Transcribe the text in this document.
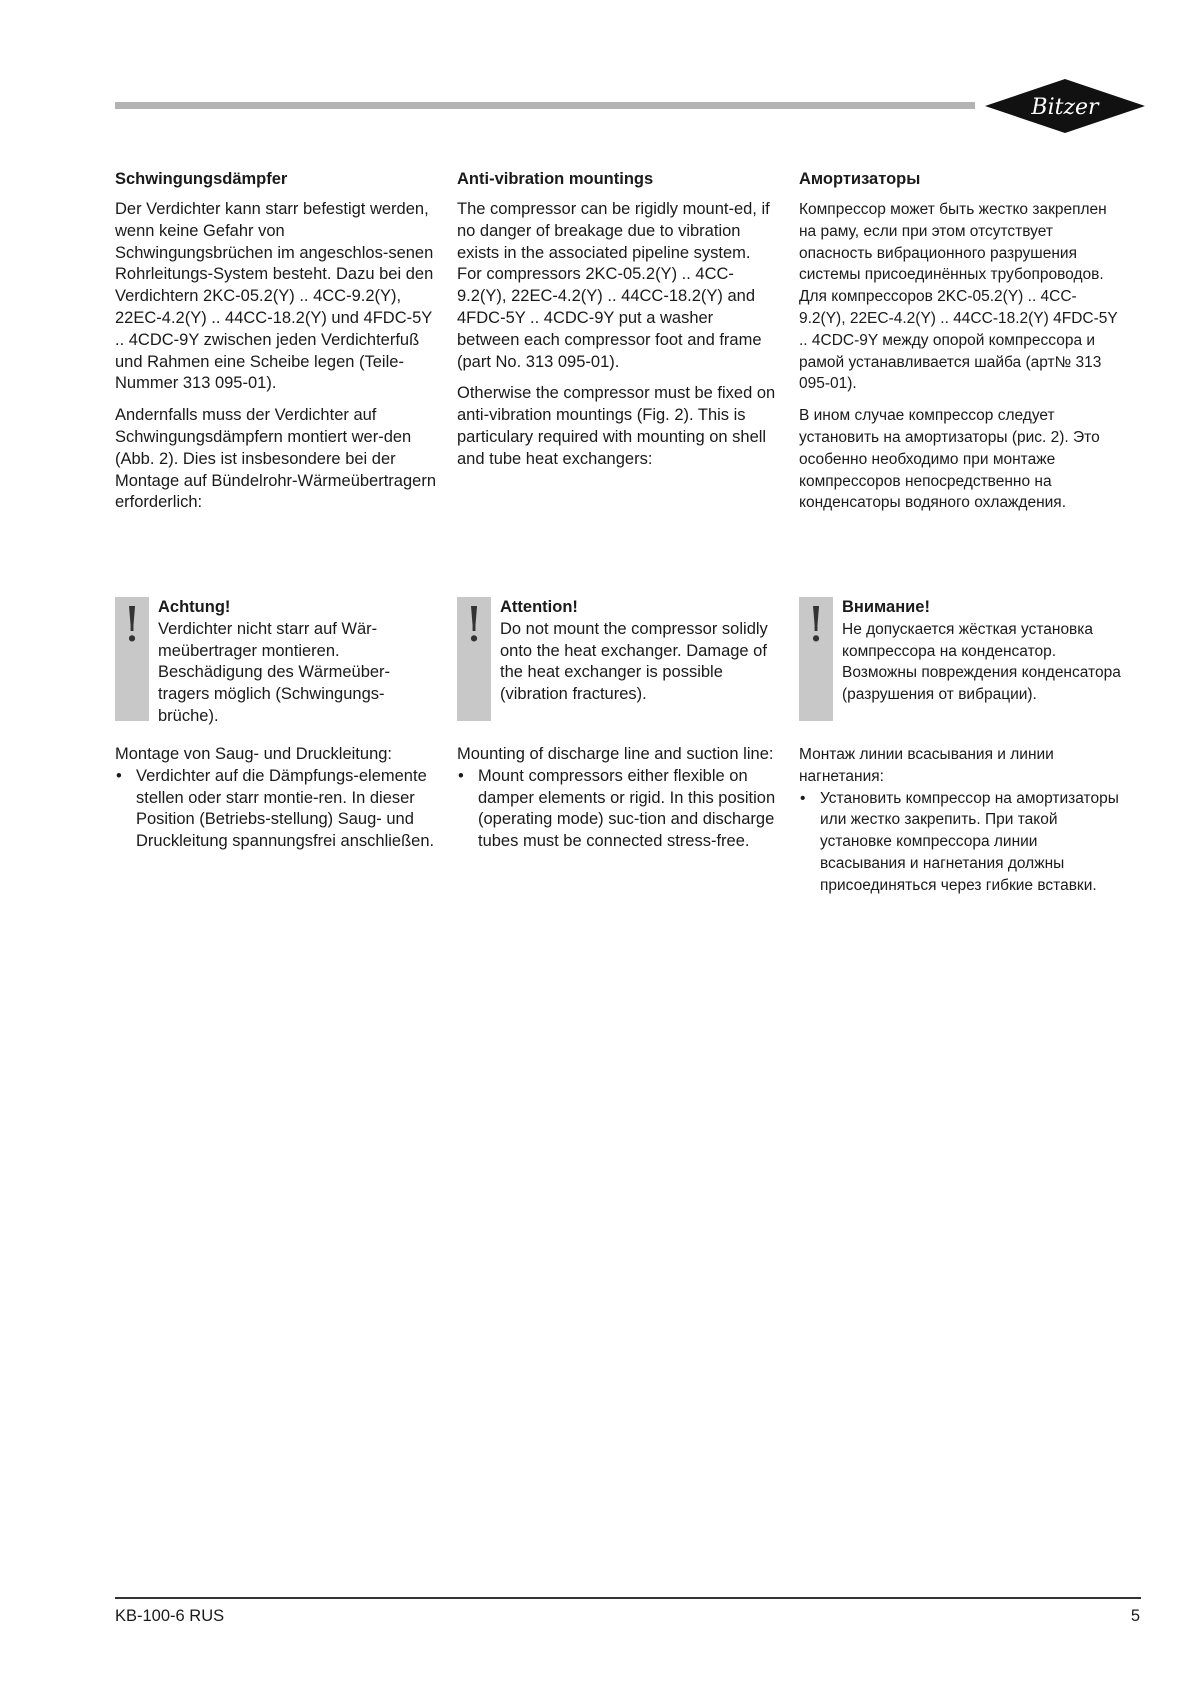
Bitzer
Schwingungsdämpfer

Der Verdichter kann starr befestigt werden, wenn keine Gefahr von Schwingungsbrüchen im angeschlos-senen Rohrleitungs-System besteht. Dazu bei den Verdichtern 2KC-05.2(Y) .. 4CC-9.2(Y), 22EC-4.2(Y) .. 44CC-18.2(Y) und 4FDC-5Y .. 4CDC-9Y zwischen jeden Verdichterfuß und Rahmen eine Scheibe legen (Teile-Nummer 313 095-01).

Andernfalls muss der Verdichter auf Schwingungsdämpfern montiert wer-den (Abb. 2). Dies ist insbesondere bei der Montage auf Bündelrohr-Wärmeübertragern erforderlich:

Anti-vibration mountings

The compressor can be rigidly mount-ed, if no danger of breakage due to vibration exists in the associated pipeline system. For compressors 2KC-05.2(Y) .. 4CC-9.2(Y), 22EC-4.2(Y) .. 44CC-18.2(Y) and 4FDC-5Y .. 4CDC-9Y put a washer between each compressor foot and frame (part No. 313 095-01).

Otherwise the compressor must be fixed on anti-vibration mountings (Fig. 2). This is particulary required with mounting on shell and tube heat exchangers:

Амортизаторы

Компрессор может быть жестко закреплен на раму, если при этом отсутствует опасность вибрационного разрушения системы присоединённых трубопроводов. Для компрессоров 2KC-05.2(Y) .. 4CC-9.2(Y), 22EC-4.2(Y) .. 44CC-18.2(Y) 4FDC-5Y .. 4CDC-9Y между опорой компрессора и рамой устанавливается шайба (арт№ 313 095-01).

В ином случае компрессор следует установить на амортизаторы (рис. 2). Это особенно необходимо при монтаже компрессоров непосредственно на конденсаторы водяного охлаждения.

! Achtung!
Verdichter nicht starr auf Wär-meübertrager montieren. Beschädigung des Wärmeüber-tragers möglich (Schwingungs-brüche).
! Attention!
Do not mount the compressor solidly onto the heat exchanger. Damage of the heat exchanger is possible (vibration fractures).
! Внимание!
Не допускается жёсткая установка компрессора на конденсатор. Возможны повреждения конденсатора (разрушения от вибрации).

Montage von Saug- und Druckleitung:

• Verdichter auf die Dämpfungs-elemente stellen oder starr montie-ren. In dieser Position (Betriebs-stellung) Saug- und Druckleitung spannungsfrei anschließen.

Mounting of discharge line and suction line:

• Mount compressors either flexible on damper elements or rigid. In this position (operating mode) suc-tion and discharge tubes must be connected stress-free.

Монтаж линии всасывания и линии нагнетания:

• Установить компрессор на амортизаторы или жестко закрепить. При такой установке компрессора линии всасывания и нагнетания должны присоединяться через гибкие вставки.
KB-100-6 RUS	5
